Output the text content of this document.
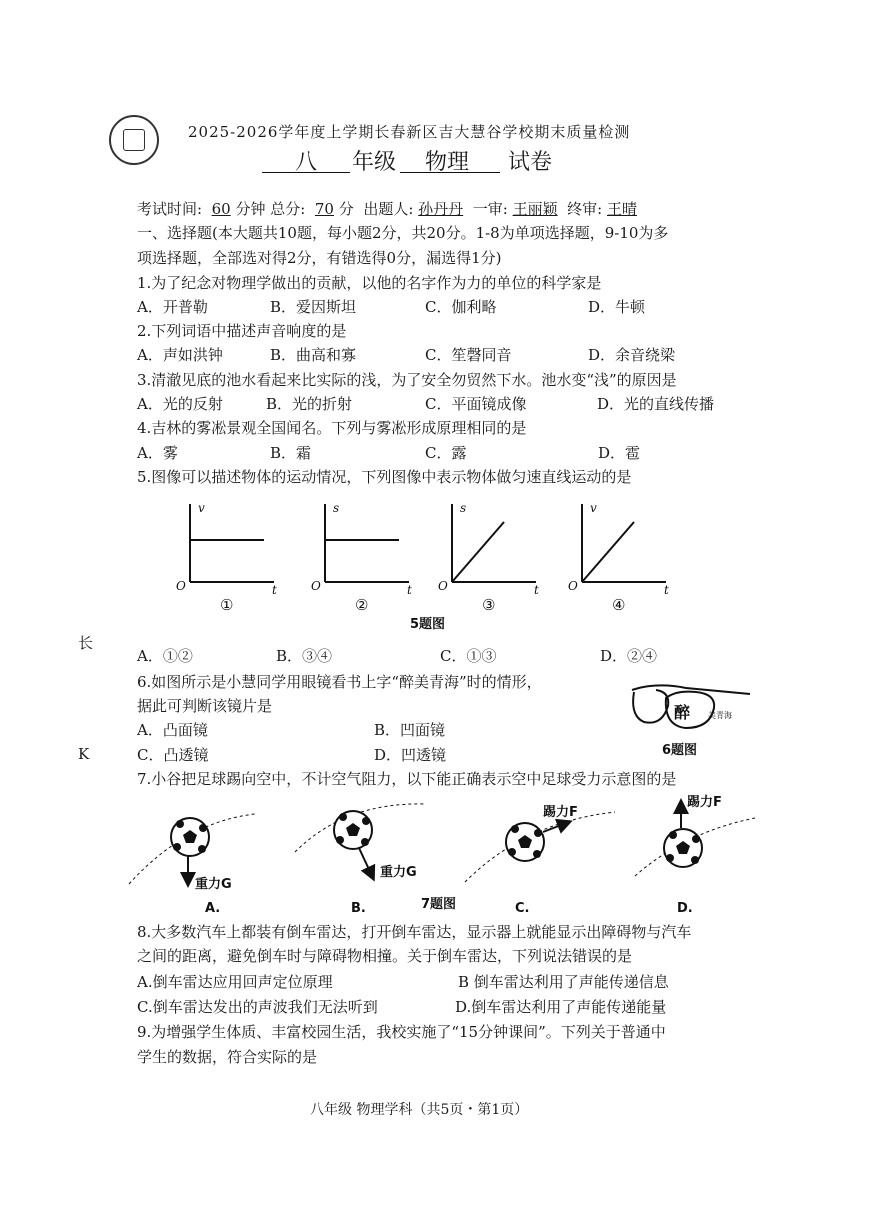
2025-2026学年度上学期长春新区吉大慧谷学校期末质量检测
八 年级 物理 试卷
考试时间: 60 分钟 总分: 70 分 出题人: 孙丹丹 一审: 王丽颖 终审: 王晴
一、选择题(本大题共10题，每小题2分，共20分。1-8为单项选择题，9-10为多
项选择题，全部选对得2分，有错选得0分，漏选得1分)
1.为了纪念对物理学做出的贡献，以他的名字作为力的单位的科学家是
A．开普勒	B．爱因斯坦	C．伽利略	D．牛顿
2.下列词语中描述声音响度的是
A．声如洪钟	B．曲高和寡	C．笙磬同音	D．余音绕梁
3.清澈见底的池水看起来比实际的浅，为了安全勿贸然下水。池水变“浅”的原因是
A．光的反射	B．光的折射	C．平面镜成像	D．光的直线传播
4.吉林的雾凇景观全国闻名。下列与雾凇形成原理相同的是
A．雾	B．霜	C．露	D．雹
5.图像可以描述物体的运动情况，下列图像中表示物体做匀速直线运动的是
v
t
O
①
s
t
O
②
s
t
O
③
v
t
O
④
5题图
长
A．①②	B．③④	C．①③	D．②④
6.如图所示是小慧同学用眼镜看书上字“醉美青海”时的情形，
据此可判断该镜片是
A．凸面镜	B．凹面镜
K	C．凸透镜	D．凹透镜
醉 美青海
6题图
7.小谷把足球踢向空中，不计空气阻力，以下能正确表示空中足球受力示意图的是
重力G
A.
重力G
B.	7题图
踢力F
C.
踢力F
D.
8.大多数汽车上都装有倒车雷达，打开倒车雷达，显示器上就能显示出障碍物与汽车
之间的距离，避免倒车时与障碍物相撞。关于倒车雷达，下列说法错误的是
A.倒车雷达应用回声定位原理	B 倒车雷达利用了声能传递信息
C.倒车雷达发出的声波我们无法听到	D.倒车雷达利用了声能传递能量
9.为增强学生体质、丰富校园生活，我校实施了“15分钟课间”。下列关于普通中
学生的数据，符合实际的是
八年级 物理学科（共5页・第1页）
